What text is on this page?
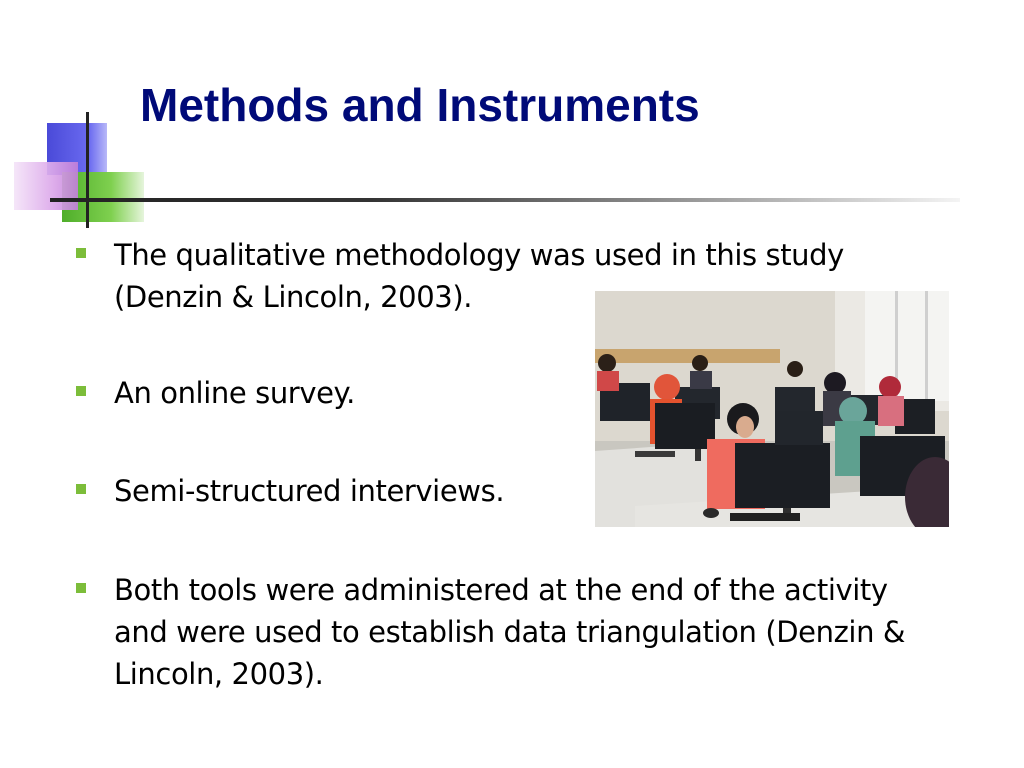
Methods and Instruments
The qualitative methodology was used in this study
(Denzin & Lincoln, 2003).
An online survey.
Semi-structured interviews.
Both tools were administered at the end of the activity
and were used to establish data triangulation (Denzin &
Lincoln, 2003).
